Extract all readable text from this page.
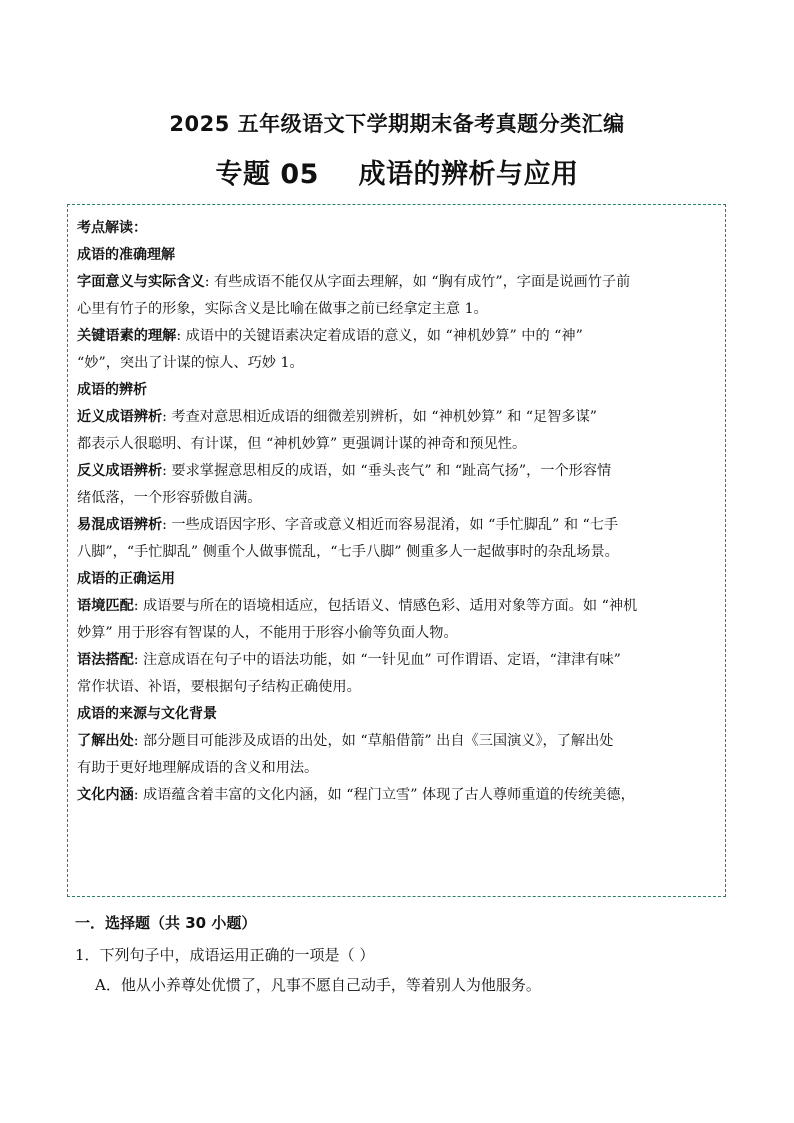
2025 五年级语文下学期期末备考真题分类汇编
专题 05    成语的辨析与应用
考点解读：
成语的准确理解
字面意义与实际含义: 有些成语不能仅从字面去理解，如 “胸有成竹”，字面是说画竹子前
心里有竹子的形象，实际含义是比喻在做事之前已经拿定主意 1。
关键语素的理解: 成语中的关键语素决定着成语的意义，如 “神机妙算” 中的 “神”
“妙”，突出了计谋的惊人、巧妙 1。
成语的辨析
近义成语辨析: 考查对意思相近成语的细微差别辨析，如 “神机妙算” 和 “足智多谋”
都表示人很聪明、有计谋，但 “神机妙算” 更强调计谋的神奇和预见性。
反义成语辨析: 要求掌握意思相反的成语，如 “垂头丧气” 和 “趾高气扬”，一个形容情
绪低落，一个形容骄傲自满。
易混成语辨析: 一些成语因字形、字音或意义相近而容易混淆，如 “手忙脚乱” 和 “七手
八脚”，“手忙脚乱” 侧重个人做事慌乱，“七手八脚” 侧重多人一起做事时的杂乱场景。
成语的正确运用
语境匹配: 成语要与所在的语境相适应，包括语义、情感色彩、适用对象等方面。如 “神机
妙算” 用于形容有智谋的人，不能用于形容小偷等负面人物。
语法搭配: 注意成语在句子中的语法功能，如 “一针见血” 可作谓语、定语，“津津有味”
常作状语、补语，要根据句子结构正确使用。
成语的来源与文化背景
了解出处: 部分题目可能涉及成语的出处，如 “草船借箭” 出自《三国演义》，了解出处
有助于更好地理解成语的含义和用法。
文化内涵: 成语蕴含着丰富的文化内涵，如 “程门立雪” 体现了古人尊师重道的传统美德，
一．选择题（共 30 小题）
1．下列句子中，成语运用正确的一项是（ ）
A．他从小养尊处优惯了，凡事不愿自己动手，等着别人为他服务。
